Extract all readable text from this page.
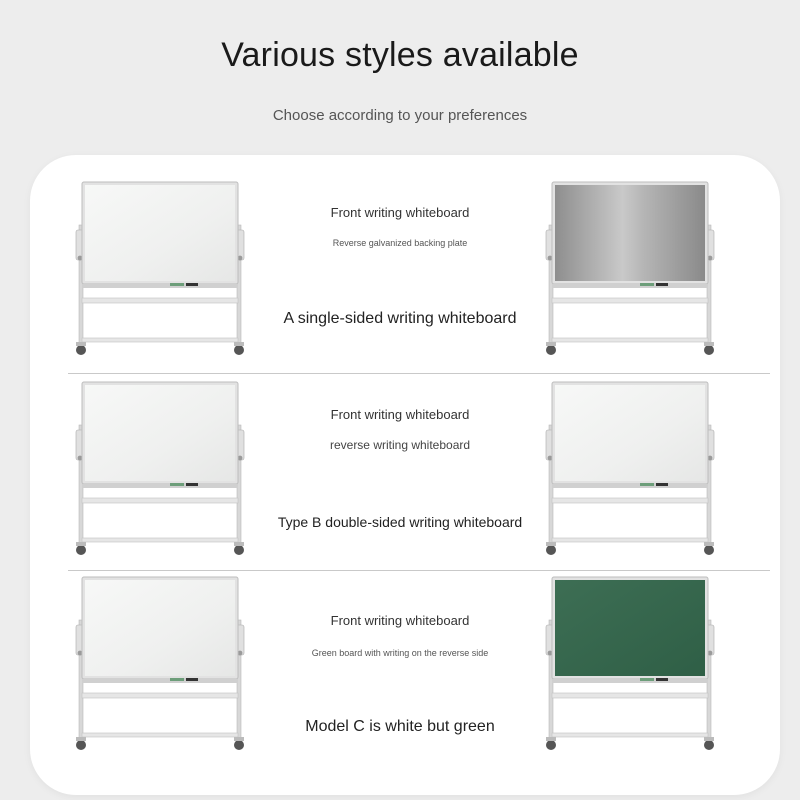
Various styles available
Choose according to your preferences
Front writing whiteboard
Reverse galvanized backing plate
A single-sided writing whiteboard
Front writing whiteboard
reverse writing whiteboard
Type B double-sided writing whiteboard
Front writing whiteboard
Green board with writing on the reverse side
Model C is white but green
